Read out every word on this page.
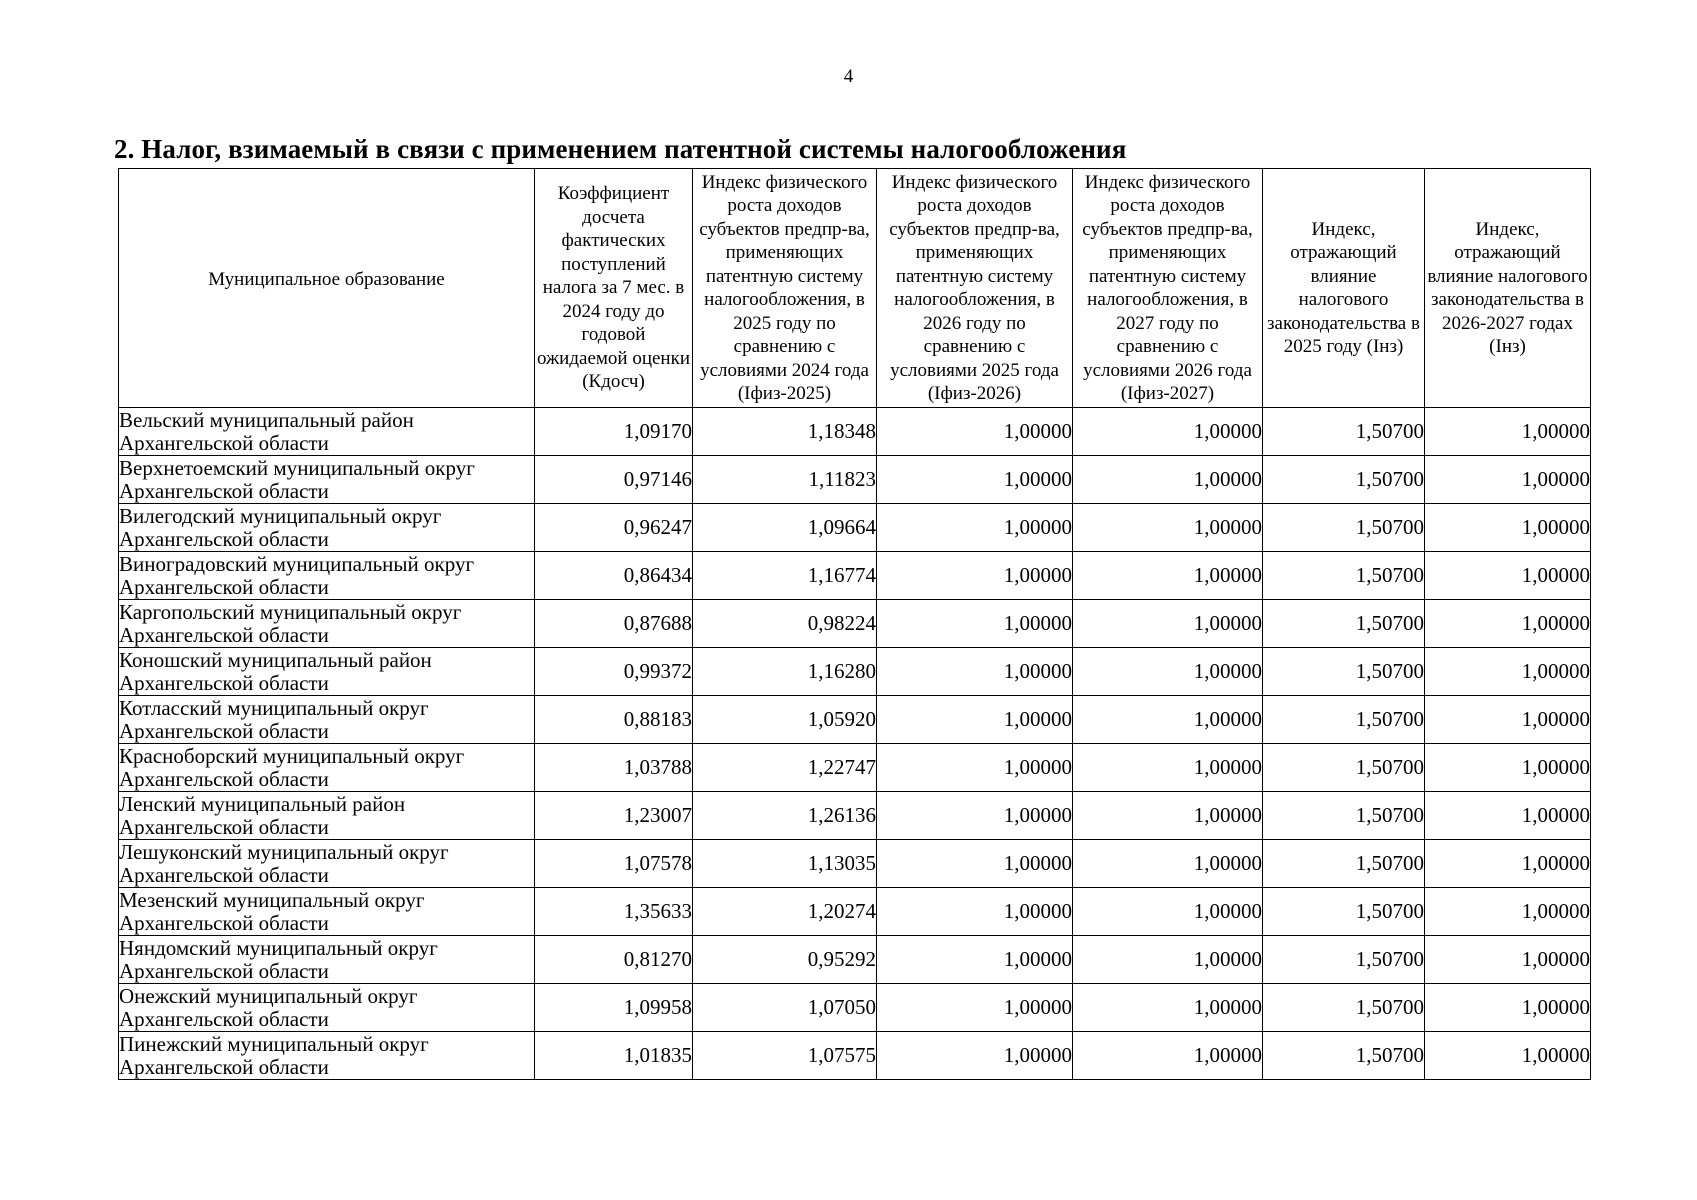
4
2. Налог, взимаемый в связи с применением патентной системы налогообложения
Муниципальное образование	Коэффициент досчета фактических поступлений налога за 7 мес. в 2024 году до годовой ожидаемой оценки (Кдосч)	Индекс физического роста доходов субъектов предпр-ва, применяющих патентную систему налогообложения, в 2025 году по сравнению с условиями 2024 года (Іфиз-2025)	Индекс физического роста доходов субъектов предпр-ва, применяющих патентную систему налогообложения, в 2026 году по сравнению с условиями 2025 года (Іфиз-2026)	Индекс физического роста доходов субъектов предпр-ва, применяющих патентную систему налогообложения, в 2027 году по сравнению с условиями 2026 года (Іфиз-2027)	Индекс, отражающий влияние налогового законодательства в 2025 году (Інз)	Индекс, отражающий влияние налогового законодательства в 2026-2027 годах (Інз)

Вельский муниципальный район
Архангельской области	1,09170	1,18348	1,00000	1,00000	1,50700	1,00000

Верхнетоемский муниципальный округ
Архангельской области	0,97146	1,11823	1,00000	1,00000	1,50700	1,00000

Вилегодский муниципальный округ
Архангельской области	0,96247	1,09664	1,00000	1,00000	1,50700	1,00000

Виноградовский муниципальный округ
Архангельской области	0,86434	1,16774	1,00000	1,00000	1,50700	1,00000

Каргопольский муниципальный округ
Архангельской области	0,87688	0,98224	1,00000	1,00000	1,50700	1,00000

Коношский муниципальный район
Архангельской области	0,99372	1,16280	1,00000	1,00000	1,50700	1,00000

Котласский муниципальный округ
Архангельской области	0,88183	1,05920	1,00000	1,00000	1,50700	1,00000

Красноборский муниципальный округ
Архангельской области	1,03788	1,22747	1,00000	1,00000	1,50700	1,00000

Ленский муниципальный район
Архангельской области	1,23007	1,26136	1,00000	1,00000	1,50700	1,00000

Лешуконский муниципальный округ
Архангельской области	1,07578	1,13035	1,00000	1,00000	1,50700	1,00000

Мезенский муниципальный округ
Архангельской области	1,35633	1,20274	1,00000	1,00000	1,50700	1,00000

Няндомский муниципальный округ
Архангельской области	0,81270	0,95292	1,00000	1,00000	1,50700	1,00000

Онежский муниципальный округ
Архангельской области	1,09958	1,07050	1,00000	1,00000	1,50700	1,00000

Пинежский муниципальный округ
Архангельской области	1,01835	1,07575	1,00000	1,00000	1,50700	1,00000
